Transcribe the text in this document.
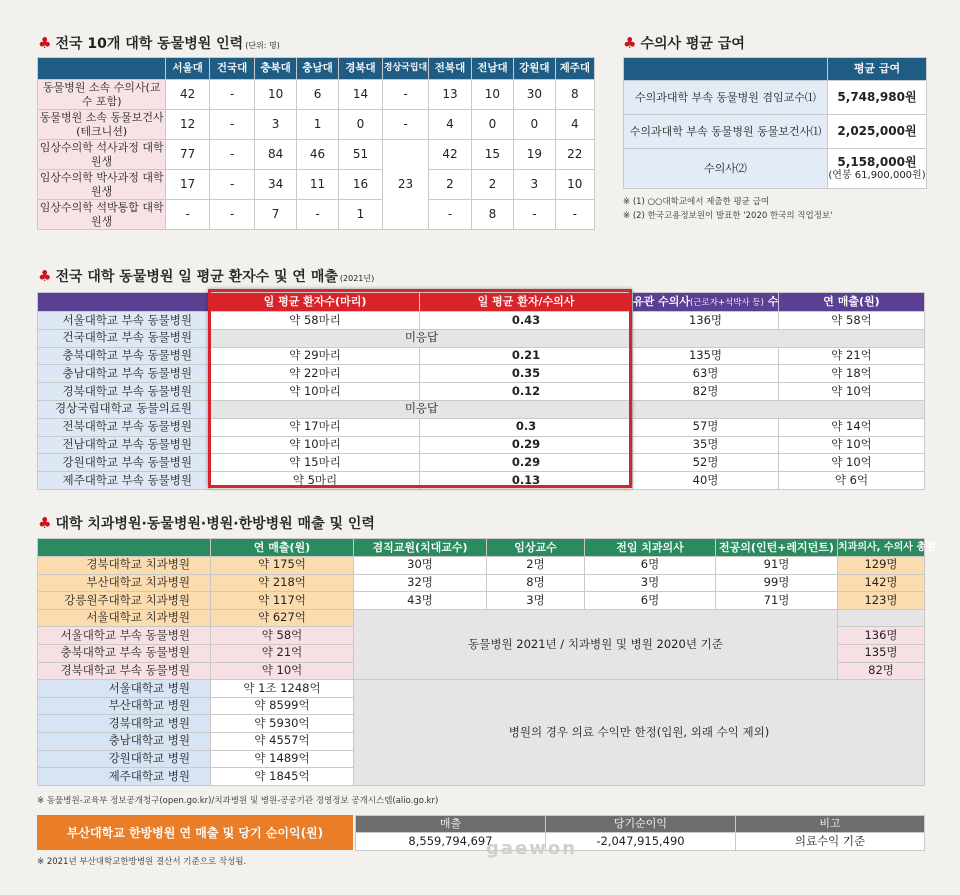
♣ 전국 10개 대학 동물병원 인력 (단위: 명)
	서울대	건국대	충북대	충남대	경북대	경상국립대	전북대	전남대	강원대	제주대
동물병원 소속 수의사(교수 포함)	42	-	10	6	14	-	13	10	30	8
동물병원 소속 동물보건사(테크니션)	12	-	3	1	0	-	4	0	0	4
임상수의학 석사과정 대학원생	77	-	84	46	51	23	42	15	19	22
임상수의학 박사과정 대학원생	17	-	34	11	16		2	2	3	10
임상수의학 석박통합 대학원생	-	-	7	-	1		-	8	-	-
♣ 수의사 평균 급여
	평균 급여
수의과대학 부속 동물병원 겸임교수⑴	5,748,980원
수의과대학 부속 동물병원 동물보건사⑴	2,025,000원
수의사⑵	5,158,000원
(연봉 61,900,000원)
※ (1) ○○대학교에서 제출한 평균 급여
※ (2) 한국고용정보원이 발표한 '2020 한국의 직업정보'
♣ 전국 대학 동물병원 일 평균 환자수 및 연 매출 (2021년)
	일 평균 환자수(마리)	일 평균 환자/수의사	유관 수의사(근로자+석박사 등) 수	연 매출(원)
서울대학교 부속 동물병원	약 58마리	0.43	136명	약 58억
건국대학교 부속 동물병원	미응답			
충북대학교 부속 동물병원	약 29마리	0.21	135명	약 21억
충남대학교 부속 동물병원	약 22마리	0.35	63명	약 18억
경북대학교 부속 동물병원	약 10마리	0.12	82명	약 10억
경상국립대학교 동물의료원	미응답			
전북대학교 부속 동물병원	약 17마리	0.3	57명	약 14억
전남대학교 부속 동물병원	약 10마리	0.29	35명	약 10억
강원대학교 부속 동물병원	약 15마리	0.29	52명	약 10억
제주대학교 부속 동물병원	약 5마리	0.13	40명	약 6억
♣ 대학 치과병원·동물병원·병원·한방병원 매출 및 인력
	연 매출(원)	겸직교원(치대교수)	임상교수	전임 치과의사	전공의(인턴+레지던트)	치과의사, 수의사 총원
경북대학교 치과병원	약 175억	30명	2명	6명	91명	129명
부산대학교 치과병원	약 218억	32명	8명	3명	99명	142명
강릉원주대학교 치과병원	약 117억	43명	3명	6명	71명	123명
서울대학교 치과병원	약 627억	동물병원 2021년 / 치과병원 및 병원 2020년 기준				
서울대학교 부속 동물병원	약 58억					136명
충북대학교 부속 동물병원	약 21억					135명
경북대학교 부속 동물병원	약 10억					82명
서울대학교 병원	약 1조 1248억	병원의 경우 의료 수익만 한정(입원, 외래 수익 제외)				
부산대학교 병원	약 8599억					
경북대학교 병원	약 5930억					
충남대학교 병원	약 4557억					
강원대학교 병원	약 1489억					
제주대학교 병원	약 1845억					
※ 동물병원-교육부 정보공개청구(open.go.kr)/치과병원 및 병원-공공기관 경영정보 공개시스템(alio.go.kr)
부산대학교 한방병원 연 매출 및 당기 순이익(원)
매출	당기순이익	비고
8,559,794,697	-2,047,915,490	의료수익 기준
※ 2021년 부산대학교한방병원 결산서 기준으로 작성됨.
gaewon
